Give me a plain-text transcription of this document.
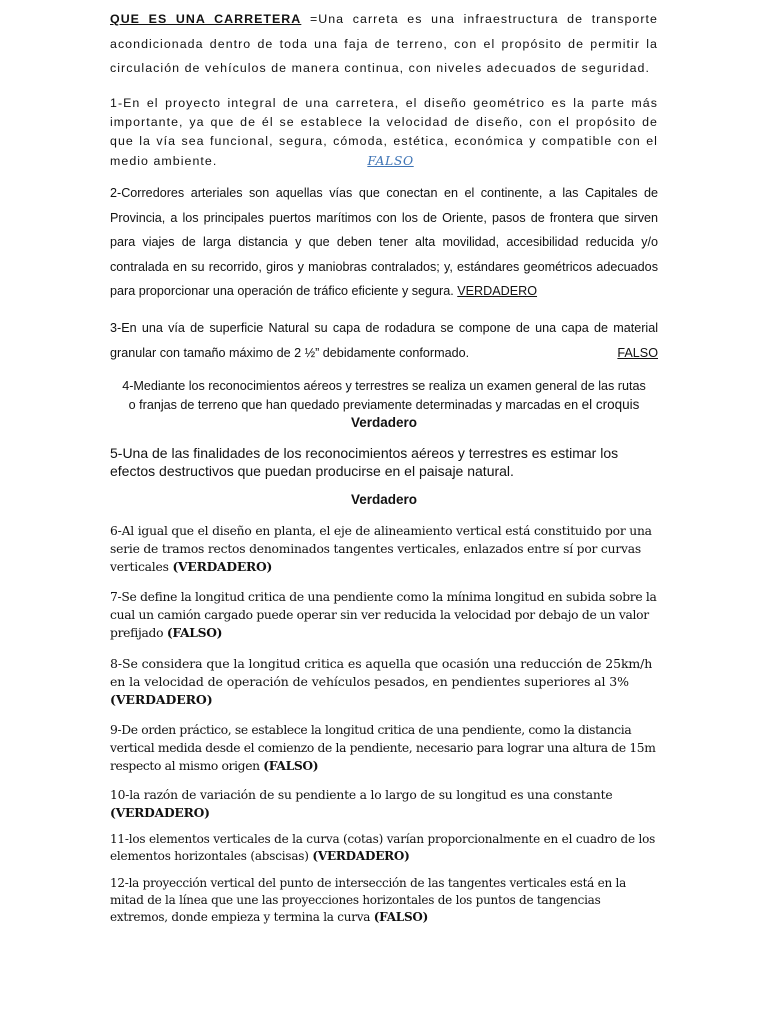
QUE ES UNA CARRETERA =Una carreta es una infraestructura de transporte acondicionada dentro de toda una faja de terreno, con el propósito de permitir la circulación de vehículos de manera continua, con niveles adecuados de seguridad.

1-En el proyecto integral de una carretera, el diseño geométrico es la parte más importante, ya que de él se establece la velocidad de diseño, con el propósito de que la vía sea funcional, segura, cómoda, estética, económica y compatible con el medio ambiente.	FALSO

2-Corredores arteriales son aquellas vías que conectan en el continente, a las Capitales de Provincia, a los principales puertos marítimos con los de Oriente, pasos de frontera que sirven para viajes de larga distancia y que deben tener alta movilidad, accesibilidad reducida y/o contralada en su recorrido, giros y maniobras contralados; y, estándares geométricos adecuados para proporcionar una operación de tráfico eficiente y segura. VERDADERO

3-En una vía de superficie Natural su capa de rodadura se compone de una capa de material granular con tamaño máximo de 2 ½” debidamente conformado.	FALSO
4-Mediante los reconocimientos aéreos y terrestres se realiza un examen general de las rutas
o franjas de terreno que han quedado previamente determinadas y marcadas en el croquis
Verdadero

5-Una de las finalidades de los reconocimientos aéreos y terrestres es estimar los efectos destructivos que puedan producirse en el paisaje natural.

Verdadero

6-Al igual que el diseño en planta, el eje de alineamiento vertical está constituido por una serie de tramos rectos denominados tangentes verticales, enlazados entre sí por curvas verticales (VERDADERO)

7-Se define la longitud critica de una pendiente como la mínima longitud en subida sobre la cual un camión cargado puede operar sin ver reducida la velocidad por debajo de un valor prefijado (FALSO)

8-Se considera que la longitud critica es aquella que ocasión una reducción de 25km/h en la velocidad de operación de vehículos pesados, en pendientes superiores al 3% (VERDADERO)

9-De orden práctico, se establece la longitud critica de una pendiente, como la distancia vertical medida desde el comienzo de la pendiente, necesario para lograr una altura de 15m respecto al mismo origen (FALSO)

10-la razón de variación de su pendiente a lo largo de su longitud es una constante (VERDADERO)

11-los elementos verticales de la curva (cotas) varían proporcionalmente en el cuadro de los elementos horizontales (abscisas) (VERDADERO)

12-la proyección vertical del punto de intersección de las tangentes verticales está en la mitad de la línea que une las proyecciones horizontales de los puntos de tangencias extremos, donde empieza y termina la curva (FALSO)
